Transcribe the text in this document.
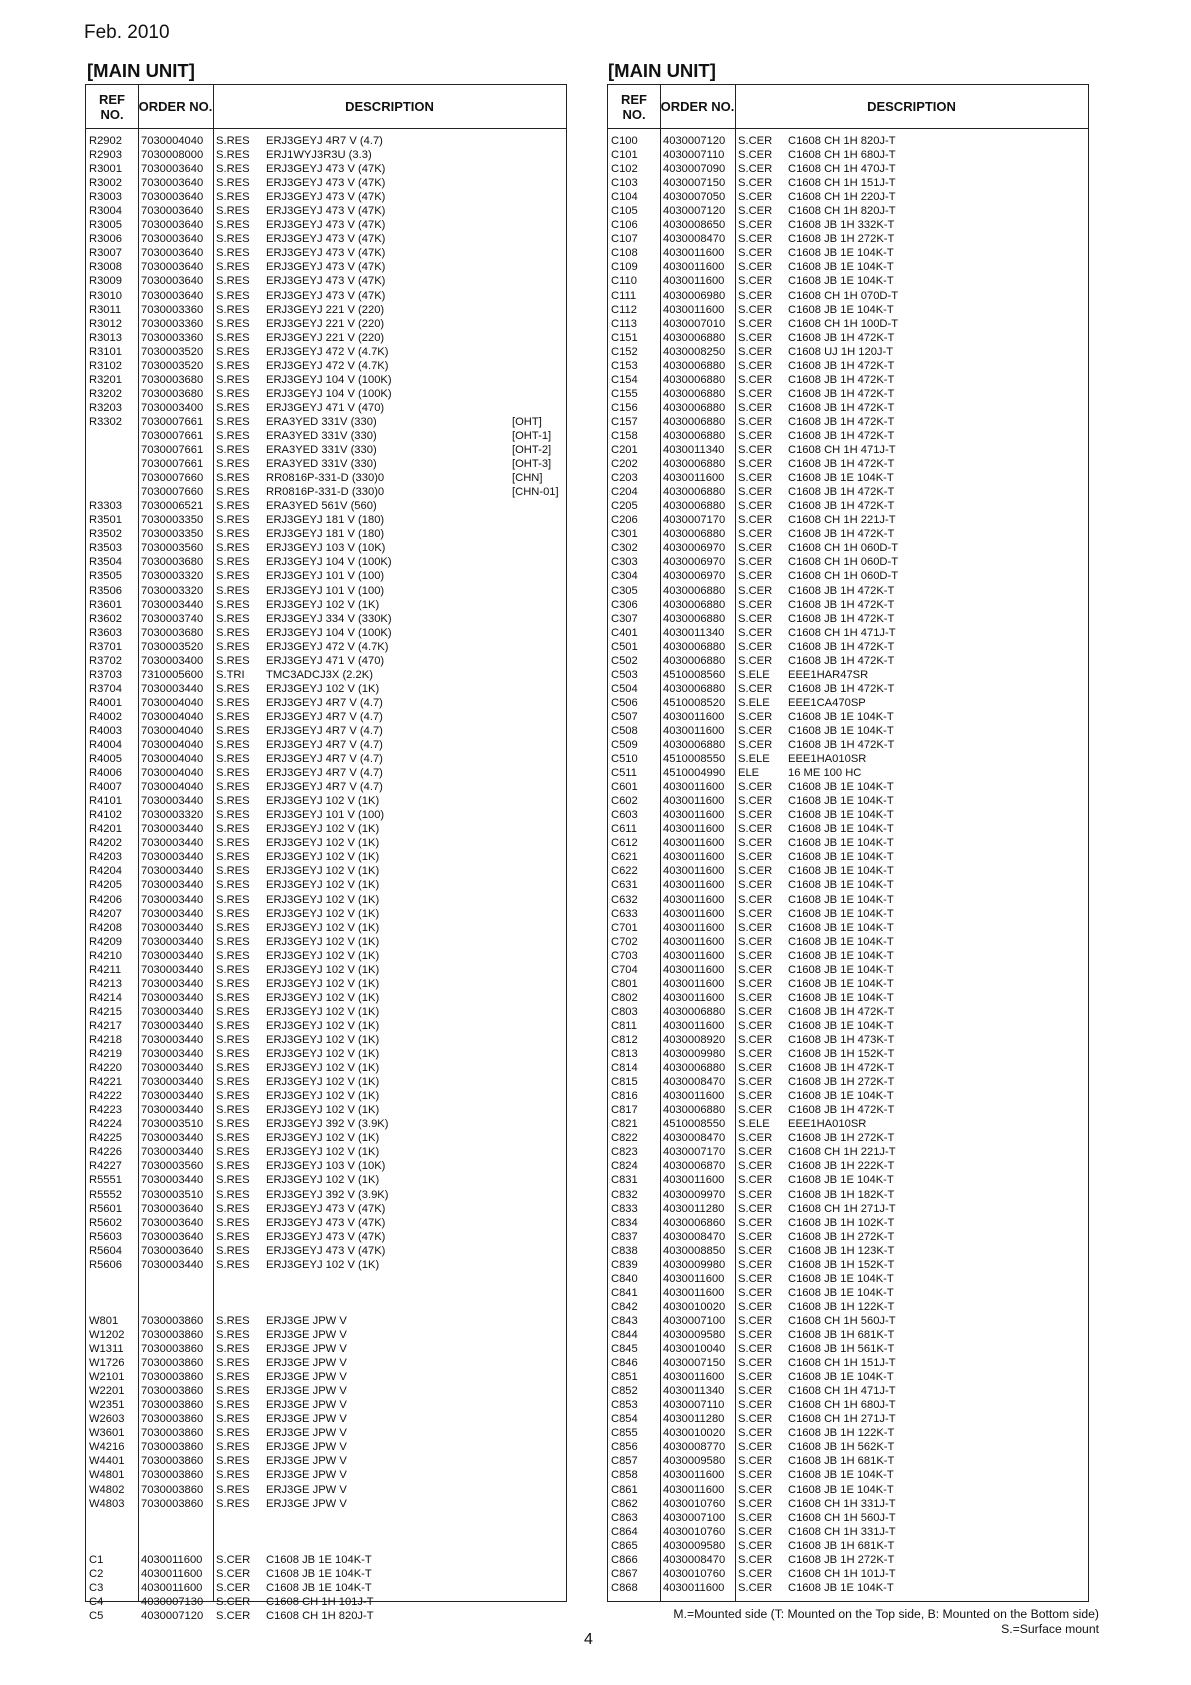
Feb. 2010
[MAIN UNIT]	[MAIN UNIT]
REF NO.	ORDER NO.	DESCRIPTION
R2902 7030004040 S.RES ERJ3GEYJ 4R7 V (4.7)
R2903 7030008000 S.RES ERJ1WYJ3R3U (3.3)
R3001 7030003640 S.RES ERJ3GEYJ 473 V (47K)
R3002 7030003640 S.RES ERJ3GEYJ 473 V (47K)
R3003 7030003640 S.RES ERJ3GEYJ 473 V (47K)
R3004 7030003640 S.RES ERJ3GEYJ 473 V (47K)
R3005 7030003640 S.RES ERJ3GEYJ 473 V (47K)
R3006 7030003640 S.RES ERJ3GEYJ 473 V (47K)
R3007 7030003640 S.RES ERJ3GEYJ 473 V (47K)
R3008 7030003640 S.RES ERJ3GEYJ 473 V (47K)
R3009 7030003640 S.RES ERJ3GEYJ 473 V (47K)
R3010 7030003640 S.RES ERJ3GEYJ 473 V (47K)
R3011 7030003360 S.RES ERJ3GEYJ 221 V (220)
R3012 7030003360 S.RES ERJ3GEYJ 221 V (220)
R3013 7030003360 S.RES ERJ3GEYJ 221 V (220)
R3101 7030003520 S.RES ERJ3GEYJ 472 V (4.7K)
R3102 7030003520 S.RES ERJ3GEYJ 472 V (4.7K)
R3201 7030003680 S.RES ERJ3GEYJ 104 V (100K)
R3202 7030003680 S.RES ERJ3GEYJ 104 V (100K)
R3203 7030003400 S.RES ERJ3GEYJ 471 V (470)
R3302 7030007661 S.RES ERA3YED 331V (330)	[OHT]
7030007661 S.RES ERA3YED 331V (330)	[OHT-1]
7030007661 S.RES ERA3YED 331V (330)	[OHT-2]
7030007661 S.RES ERA3YED 331V (330)	[OHT-3]
7030007660 S.RES RR0816P-331-D (330)0	[CHN]
7030007660 S.RES RR0816P-331-D (330)0	[CHN-01]
R3303 7030006521 S.RES ERA3YED 561V (560)
R3501 7030003350 S.RES ERJ3GEYJ 181 V (180)
R3502 7030003350 S.RES ERJ3GEYJ 181 V (180)
R3503 7030003560 S.RES ERJ3GEYJ 103 V (10K)
R3504 7030003680 S.RES ERJ3GEYJ 104 V (100K)
R3505 7030003320 S.RES ERJ3GEYJ 101 V (100)
R3506 7030003320 S.RES ERJ3GEYJ 101 V (100)
R3601 7030003440 S.RES ERJ3GEYJ 102 V (1K)
R3602 7030003740 S.RES ERJ3GEYJ 334 V (330K)
R3603 7030003680 S.RES ERJ3GEYJ 104 V (100K)
R3701 7030003520 S.RES ERJ3GEYJ 472 V (4.7K)
R3702 7030003400 S.RES ERJ3GEYJ 471 V (470)
R3703 7310005600 S.TRI TMC3ADCJ3X (2.2K)
R3704 7030003440 S.RES ERJ3GEYJ 102 V (1K)
R4001 7030004040 S.RES ERJ3GEYJ 4R7 V (4.7)
R4002 7030004040 S.RES ERJ3GEYJ 4R7 V (4.7)
R4003 7030004040 S.RES ERJ3GEYJ 4R7 V (4.7)
R4004 7030004040 S.RES ERJ3GEYJ 4R7 V (4.7)
R4005 7030004040 S.RES ERJ3GEYJ 4R7 V (4.7)
R4006 7030004040 S.RES ERJ3GEYJ 4R7 V (4.7)
R4007 7030004040 S.RES ERJ3GEYJ 4R7 V (4.7)
R4101 7030003440 S.RES ERJ3GEYJ 102 V (1K)
R4102 7030003320 S.RES ERJ3GEYJ 101 V (100)
R4201 7030003440 S.RES ERJ3GEYJ 102 V (1K)
R4202 7030003440 S.RES ERJ3GEYJ 102 V (1K)
R4203 7030003440 S.RES ERJ3GEYJ 102 V (1K)
R4204 7030003440 S.RES ERJ3GEYJ 102 V (1K)
R4205 7030003440 S.RES ERJ3GEYJ 102 V (1K)
R4206 7030003440 S.RES ERJ3GEYJ 102 V (1K)
R4207 7030003440 S.RES ERJ3GEYJ 102 V (1K)
R4208 7030003440 S.RES ERJ3GEYJ 102 V (1K)
R4209 7030003440 S.RES ERJ3GEYJ 102 V (1K)
R4210 7030003440 S.RES ERJ3GEYJ 102 V (1K)
R4211 7030003440 S.RES ERJ3GEYJ 102 V (1K)
R4213 7030003440 S.RES ERJ3GEYJ 102 V (1K)
R4214 7030003440 S.RES ERJ3GEYJ 102 V (1K)
R4215 7030003440 S.RES ERJ3GEYJ 102 V (1K)
R4217 7030003440 S.RES ERJ3GEYJ 102 V (1K)
R4218 7030003440 S.RES ERJ3GEYJ 102 V (1K)
R4219 7030003440 S.RES ERJ3GEYJ 102 V (1K)
R4220 7030003440 S.RES ERJ3GEYJ 102 V (1K)
R4221 7030003440 S.RES ERJ3GEYJ 102 V (1K)
R4222 7030003440 S.RES ERJ3GEYJ 102 V (1K)
R4223 7030003440 S.RES ERJ3GEYJ 102 V (1K)
R4224 7030003510 S.RES ERJ3GEYJ 392 V (3.9K)
R4225 7030003440 S.RES ERJ3GEYJ 102 V (1K)
R4226 7030003440 S.RES ERJ3GEYJ 102 V (1K)
R4227 7030003560 S.RES ERJ3GEYJ 103 V (10K)
R5551 7030003440 S.RES ERJ3GEYJ 102 V (1K)
R5552 7030003510 S.RES ERJ3GEYJ 392 V (3.9K)
R5601 7030003640 S.RES ERJ3GEYJ 473 V (47K)
R5602 7030003640 S.RES ERJ3GEYJ 473 V (47K)
R5603 7030003640 S.RES ERJ3GEYJ 473 V (47K)
R5604 7030003640 S.RES ERJ3GEYJ 473 V (47K)
R5606 7030003440 S.RES ERJ3GEYJ 102 V (1K)
W801 7030003860 S.RES ERJ3GE JPW V
W1202 7030003860 S.RES ERJ3GE JPW V
W1311 7030003860 S.RES ERJ3GE JPW V
W1726 7030003860 S.RES ERJ3GE JPW V
W2101 7030003860 S.RES ERJ3GE JPW V
W2201 7030003860 S.RES ERJ3GE JPW V
W2351 7030003860 S.RES ERJ3GE JPW V
W2603 7030003860 S.RES ERJ3GE JPW V
W3601 7030003860 S.RES ERJ3GE JPW V
W4216 7030003860 S.RES ERJ3GE JPW V
W4401 7030003860 S.RES ERJ3GE JPW V
W4801 7030003860 S.RES ERJ3GE JPW V
W4802 7030003860 S.RES ERJ3GE JPW V
W4803 7030003860 S.RES ERJ3GE JPW V
C1	4030011600 S.CER C1608 JB 1E 104K-T
C2	4030011600 S.CER C1608 JB 1E 104K-T
C3	4030011600 S.CER C1608 JB 1E 104K-T
C4	4030007130 S.CER C1608 CH 1H 101J-T
C5	4030007120 S.CER C1608 CH 1H 820J-T
REF NO.	ORDER NO.	DESCRIPTION
C100 4030007120 S.CER C1608 CH 1H 820J-T
C101 4030007110 S.CER C1608 CH 1H 680J-T
C102 4030007090 S.CER C1608 CH 1H 470J-T
C103 4030007150 S.CER C1608 CH 1H 151J-T
C104 4030007050 S.CER C1608 CH 1H 220J-T
C105 4030007120 S.CER C1608 CH 1H 820J-T
C106 4030008650 S.CER C1608 JB 1H 332K-T
C107 4030008470 S.CER C1608 JB 1H 272K-T
C108 4030011600 S.CER C1608 JB 1E 104K-T
C109 4030011600 S.CER C1608 JB 1E 104K-T
C110 4030011600 S.CER C1608 JB 1E 104K-T
C111 4030006980 S.CER C1608 CH 1H 070D-T
C112 4030011600 S.CER C1608 JB 1E 104K-T
C113 4030007010 S.CER C1608 CH 1H 100D-T
C151 4030006880 S.CER C1608 JB 1H 472K-T
C152 4030008250 S.CER C1608 UJ 1H 120J-T
C153 4030006880 S.CER C1608 JB 1H 472K-T
C154 4030006880 S.CER C1608 JB 1H 472K-T
C155 4030006880 S.CER C1608 JB 1H 472K-T
C156 4030006880 S.CER C1608 JB 1H 472K-T
C157 4030006880 S.CER C1608 JB 1H 472K-T
C158 4030006880 S.CER C1608 JB 1H 472K-T
C201 4030011340 S.CER C1608 CH 1H 471J-T
C202 4030006880 S.CER C1608 JB 1H 472K-T
C203 4030011600 S.CER C1608 JB 1E 104K-T
C204 4030006880 S.CER C1608 JB 1H 472K-T
C205 4030006880 S.CER C1608 JB 1H 472K-T
C206 4030007170 S.CER C1608 CH 1H 221J-T
C301 4030006880 S.CER C1608 JB 1H 472K-T
C302 4030006970 S.CER C1608 CH 1H 060D-T
C303 4030006970 S.CER C1608 CH 1H 060D-T
C304 4030006970 S.CER C1608 CH 1H 060D-T
C305 4030006880 S.CER C1608 JB 1H 472K-T
C306 4030006880 S.CER C1608 JB 1H 472K-T
C307 4030006880 S.CER C1608 JB 1H 472K-T
C401 4030011340 S.CER C1608 CH 1H 471J-T
C501 4030006880 S.CER C1608 JB 1H 472K-T
C502 4030006880 S.CER C1608 JB 1H 472K-T
C503 4510008560 S.ELE EEE1HAR47SR
C504 4030006880 S.CER C1608 JB 1H 472K-T
C506 4510008520 S.ELE EEE1CA470SP
C507 4030011600 S.CER C1608 JB 1E 104K-T
C508 4030011600 S.CER C1608 JB 1E 104K-T
C509 4030006880 S.CER C1608 JB 1H 472K-T
C510 4510008550 S.ELE EEE1HA010SR
C511 4510004990 ELE	16 ME 100 HC
C601 4030011600 S.CER C1608 JB 1E 104K-T
C602 4030011600 S.CER C1608 JB 1E 104K-T
C603 4030011600 S.CER C1608 JB 1E 104K-T
C611 4030011600 S.CER C1608 JB 1E 104K-T
C612 4030011600 S.CER C1608 JB 1E 104K-T
C621 4030011600 S.CER C1608 JB 1E 104K-T
C622 4030011600 S.CER C1608 JB 1E 104K-T
C631 4030011600 S.CER C1608 JB 1E 104K-T
C632 4030011600 S.CER C1608 JB 1E 104K-T
C633 4030011600 S.CER C1608 JB 1E 104K-T
C701 4030011600 S.CER C1608 JB 1E 104K-T
C702 4030011600 S.CER C1608 JB 1E 104K-T
C703 4030011600 S.CER C1608 JB 1E 104K-T
C704 4030011600 S.CER C1608 JB 1E 104K-T
C801 4030011600 S.CER C1608 JB 1E 104K-T
C802 4030011600 S.CER C1608 JB 1E 104K-T
C803 4030006880 S.CER C1608 JB 1H 472K-T
C811 4030011600 S.CER C1608 JB 1E 104K-T
C812 4030008920 S.CER C1608 JB 1H 473K-T
C813 4030009980 S.CER C1608 JB 1H 152K-T
C814 4030006880 S.CER C1608 JB 1H 472K-T
C815 4030008470 S.CER C1608 JB 1H 272K-T
C816 4030011600 S.CER C1608 JB 1E 104K-T
C817 4030006880 S.CER C1608 JB 1H 472K-T
C821 4510008550 S.ELE EEE1HA010SR
C822 4030008470 S.CER C1608 JB 1H 272K-T
C823 4030007170 S.CER C1608 CH 1H 221J-T
C824 4030006870 S.CER C1608 JB 1H 222K-T
C831 4030011600 S.CER C1608 JB 1E 104K-T
C832 4030009970 S.CER C1608 JB 1H 182K-T
C833 4030011280 S.CER C1608 CH 1H 271J-T
C834 4030006860 S.CER C1608 JB 1H 102K-T
C837 4030008470 S.CER C1608 JB 1H 272K-T
C838 4030008850 S.CER C1608 JB 1H 123K-T
C839 4030009980 S.CER C1608 JB 1H 152K-T
C840 4030011600 S.CER C1608 JB 1E 104K-T
C841 4030011600 S.CER C1608 JB 1E 104K-T
C842 4030010020 S.CER C1608 JB 1H 122K-T
C843 4030007100 S.CER C1608 CH 1H 560J-T
C844 4030009580 S.CER C1608 JB 1H 681K-T
C845 4030010040 S.CER C1608 JB 1H 561K-T
C846 4030007150 S.CER C1608 CH 1H 151J-T
C851 4030011600 S.CER C1608 JB 1E 104K-T
C852 4030011340 S.CER C1608 CH 1H 471J-T
C853 4030007110 S.CER C1608 CH 1H 680J-T
C854 4030011280 S.CER C1608 CH 1H 271J-T
C855 4030010020 S.CER C1608 JB 1H 122K-T
C856 4030008770 S.CER C1608 JB 1H 562K-T
C857 4030009580 S.CER C1608 JB 1H 681K-T
C858 4030011600 S.CER C1608 JB 1E 104K-T
C861 4030011600 S.CER C1608 JB 1E 104K-T
C862 4030010760 S.CER C1608 CH 1H 331J-T
C863 4030007100 S.CER C1608 CH 1H 560J-T
C864 4030010760 S.CER C1608 CH 1H 331J-T
C865 4030009580 S.CER C1608 JB 1H 681K-T
C866 4030008470 S.CER C1608 JB 1H 272K-T
C867 4030010760 S.CER C1608 CH 1H 101J-T
C868 4030011600 S.CER C1608 JB 1E 104K-T
M.=Mounted side (T: Mounted on the Top side, B: Mounted on the Bottom side)
S.=Surface mount
4
